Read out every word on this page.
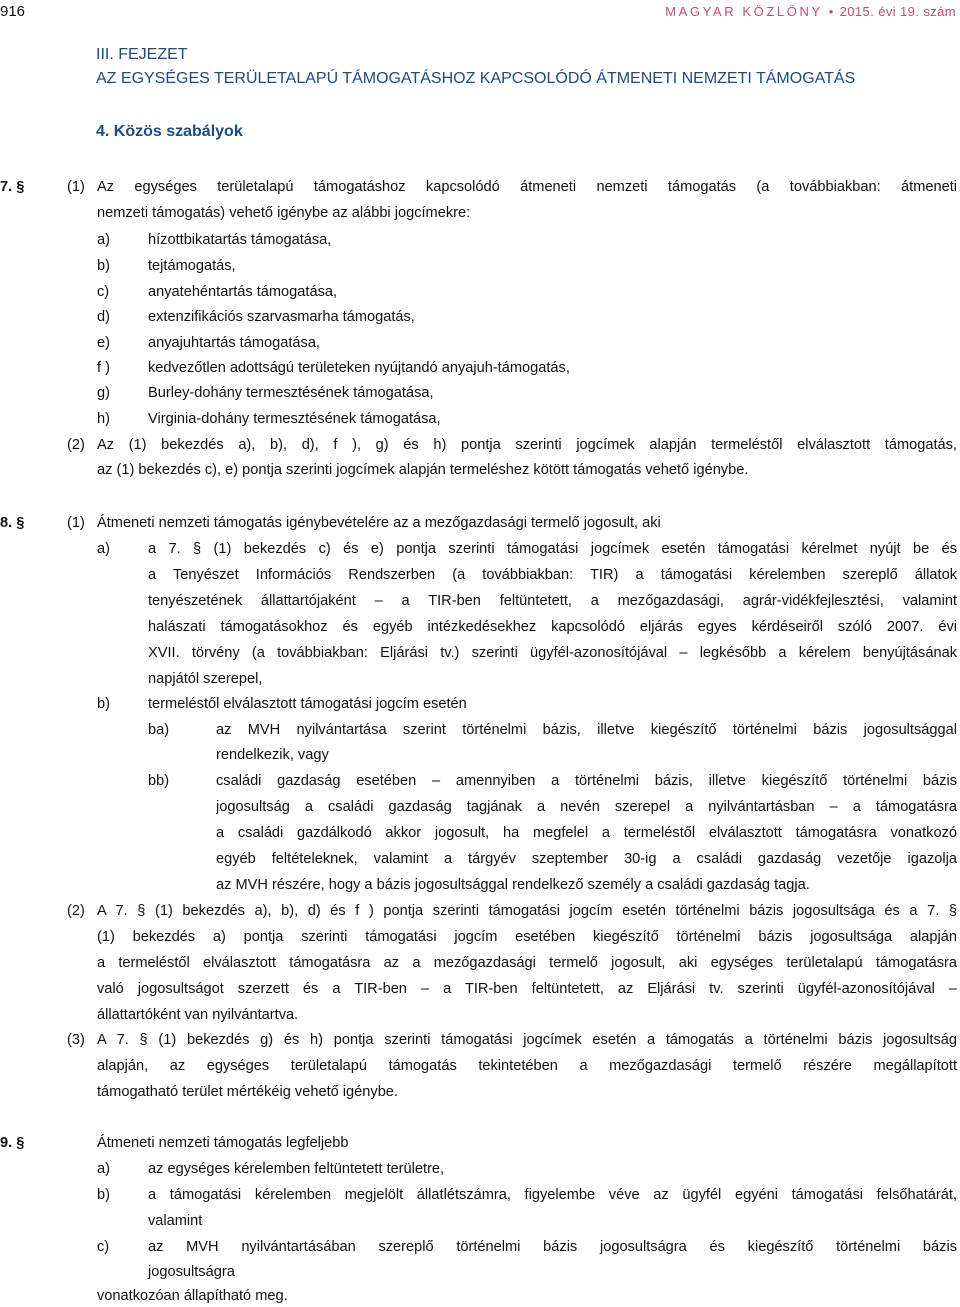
916	MAGYAR KÖZLÖNY • 2015. évi 19. szám
III. FEJEZET
AZ EGYSÉGES TERÜLETALAPÚ TÁMOGATÁSHOZ KAPCSOLÓDÓ ÁTMENETI NEMZETI TÁMOGATÁS
4. Közös szabályok
7. §	(1) Az egységes területalapú támogatáshoz kapcsolódó átmeneti nemzeti támogatás (a továbbiakban: átmeneti
nemzeti támogatás) vehető igénybe az alábbi jogcímekre:
a)	hízottbikatartás támogatása,
b)	tejtámogatás,
c)	anyatehéntartás támogatása,
d)	extenzifikációs szarvasmarha támogatás,
e)	anyajuhtartás támogatása,
f )	kedvezőtlen adottságú területeken nyújtandó anyajuh-támogatás,
g)	Burley-dohány termesztésének támogatása,
h)	Virginia-dohány termesztésének támogatása,
(2) Az (1) bekezdés a), b), d), f ), g) és h) pontja szerinti jogcímek alapján termeléstől elválasztott támogatás,
az (1) bekezdés c), e) pontja szerinti jogcímek alapján termeléshez kötött támogatás vehető igénybe.
8. §	(1) Átmeneti nemzeti támogatás igénybevételére az a mezőgazdasági termelő jogosult, aki
a)	a 7. § (1) bekezdés c) és e) pontja szerinti támogatási jogcímek esetén támogatási kérelmet nyújt be és
a Tenyészet Információs Rendszerben (a továbbiakban: TIR) a támogatási kérelemben szereplő állatok
tenyészetének állattartójaként – a TIR-ben feltüntetett, a mezőgazdasági, agrár-vidékfejlesztési, valamint
halászati támogatásokhoz és egyéb intézkedésekhez kapcsolódó eljárás egyes kérdéseiről szóló 2007. évi
XVII. törvény (a továbbiakban: Eljárási tv.) szerinti ügyfél-azonosítójával – legkésőbb a kérelem benyújtásának
napjától szerepel,
b)	termeléstől elválasztott támogatási jogcím esetén
ba)	az MVH nyilvántartása szerint történelmi bázis, illetve kiegészítő történelmi bázis jogosultsággal
rendelkezik, vagy
bb)	családi gazdaság esetében – amennyiben a történelmi bázis, illetve kiegészítő történelmi bázis
jogosultság a családi gazdaság tagjának a nevén szerepel a nyilvántartásban – a támogatásra
a családi gazdálkodó akkor jogosult, ha megfelel a termeléstől elválasztott támogatásra vonatkozó
egyéb feltételeknek, valamint a tárgyév szeptember 30-ig a családi gazdaság vezetője igazolja
az MVH részére, hogy a bázis jogosultsággal rendelkező személy a családi gazdaság tagja.
(2) A 7. § (1) bekezdés a), b), d) és f ) pontja szerinti támogatási jogcím esetén történelmi bázis jogosultsága és a 7. §
(1) bekezdés a) pontja szerinti támogatási jogcím esetében kiegészítő történelmi bázis jogosultsága alapján
a termeléstől elválasztott támogatásra az a mezőgazdasági termelő jogosult, aki egységes területalapú támogatásra
való jogosultságot szerzett és a TIR-ben – a TIR-ben feltüntetett, az Eljárási tv. szerinti ügyfél-azonosítójával –
állattartóként van nyilvántartva.
(3) A 7. § (1) bekezdés g) és h) pontja szerinti támogatási jogcímek esetén a támogatás a történelmi bázis jogosultság
alapján, az egységes területalapú támogatás tekintetében a mezőgazdasági termelő részére megállapított
támogatható terület mértékéig vehető igénybe.
9. §	Átmeneti nemzeti támogatás legfeljebb
a)	az egységes kérelemben feltüntetett területre,
b)	a támogatási kérelemben megjelölt állatlétszámra, figyelembe véve az ügyfél egyéni támogatási felsőhatárát,
valamint
c)	az MVH nyilvántartásában szereplő történelmi bázis jogosultságra és kiegészítő történelmi bázis
jogosultságra
vonatkozóan állapítható meg.
